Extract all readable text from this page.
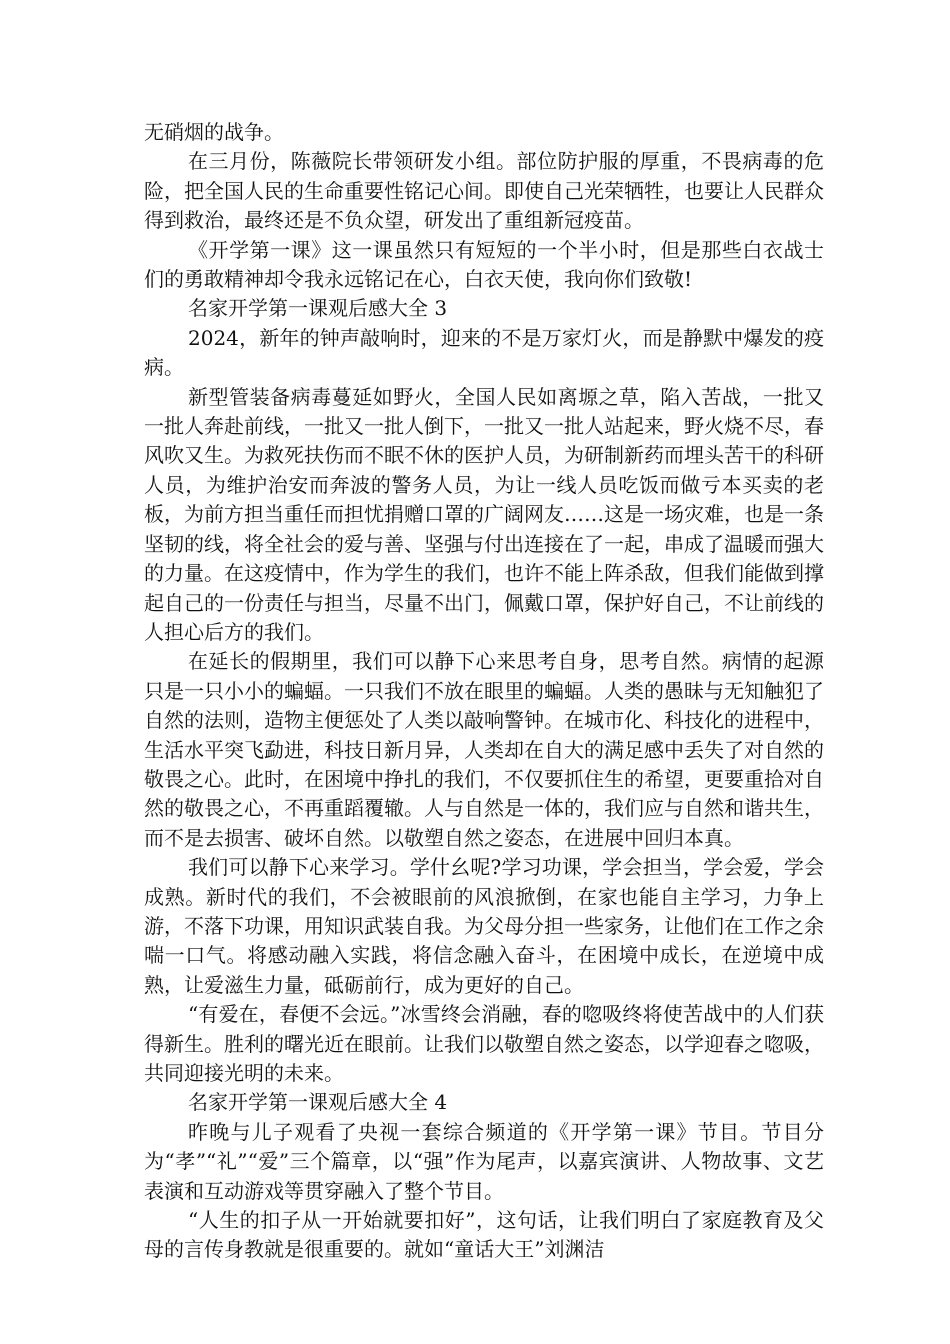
无硝烟的战争。

在三月份，陈薇院长带领研发小组。部位防护服的厚重，不畏病毒的危险，把全国人民的生命重要性铭记心间。即使自己光荣牺牲，也要让人民群众得到救治，最终还是不负众望，研发出了重组新冠疫苗。

《开学第一课》这一课虽然只有短短的一个半小时，但是那些白衣战士们的勇敢精神却令我永远铭记在心，白衣天使，我向你们致敬!

名家开学第一课观后感大全 3

2024，新年的钟声敲响时，迎来的不是万家灯火，而是静默中爆发的疫病。

新型管装备病毒蔓延如野火，全国人民如离塬之草，陷入苦战，一批又一批人奔赴前线，一批又一批人倒下，一批又一批人站起来，野火烧不尽，春风吹又生。为救死扶伤而不眠不休的医护人员，为研制新药而埋头苦干的科研人员，为维护治安而奔波的警务人员，为让一线人员吃饭而做亏本买卖的老板，为前方担当重任而担忧捐赠口罩的广阔网友……这是一场灾难，也是一条坚韧的线，将全社会的爱与善、坚强与付出连接在了一起，串成了温暖而强大的力量。在这疫情中，作为学生的我们，也许不能上阵杀敌，但我们能做到撑起自己的一份责任与担当，尽量不出门，佩戴口罩，保护好自己，不让前线的人担心后方的我们。

在延长的假期里，我们可以静下心来思考自身，思考自然。病情的起源只是一只小小的蝙蝠。一只我们不放在眼里的蝙蝠。人类的愚昧与无知触犯了自然的法则，造物主便惩处了人类以敲响警钟。在城市化、科技化的进程中，生活水平突飞勐进，科技日新月异，人类却在自大的满足感中丢失了对自然的敬畏之心。此时，在困境中挣扎的我们，不仅要抓住生的希望，更要重拾对自然的敬畏之心，不再重蹈覆辙。人与自然是一体的，我们应与自然和谐共生，而不是去损害、破坏自然。以敬塑自然之姿态，在进展中回归本真。

我们可以静下心来学习。学什幺呢?学习功课，学会担当，学会爱，学会成熟。新时代的我们，不会被眼前的风浪掀倒，在家也能自主学习，力争上游，不落下功课，用知识武装自我。为父母分担一些家务，让他们在工作之余喘一口气。将感动融入实践，将信念融入奋斗，在困境中成长，在逆境中成熟，让爱滋生力量，砥砺前行，成为更好的自己。

“有爱在，春便不会远。”冰雪终会消融，春的唿吸终将使苦战中的人们获得新生。胜利的曙光近在眼前。让我们以敬塑自然之姿态，以学迎春之唿吸，共同迎接光明的未来。

名家开学第一课观后感大全 4

昨晚与儿子观看了央视一套综合频道的《开学第一课》节目。节目分为“孝”“礼”“爱”三个篇章，以“强”作为尾声，以嘉宾演讲、人物故事、文艺表演和互动游戏等贯穿融入了整个节目。

“人生的扣子从一开始就要扣好”，这句话，让我们明白了家庭教育及父母的言传身教就是很重要的。就如“童话大王”刘渊洁
